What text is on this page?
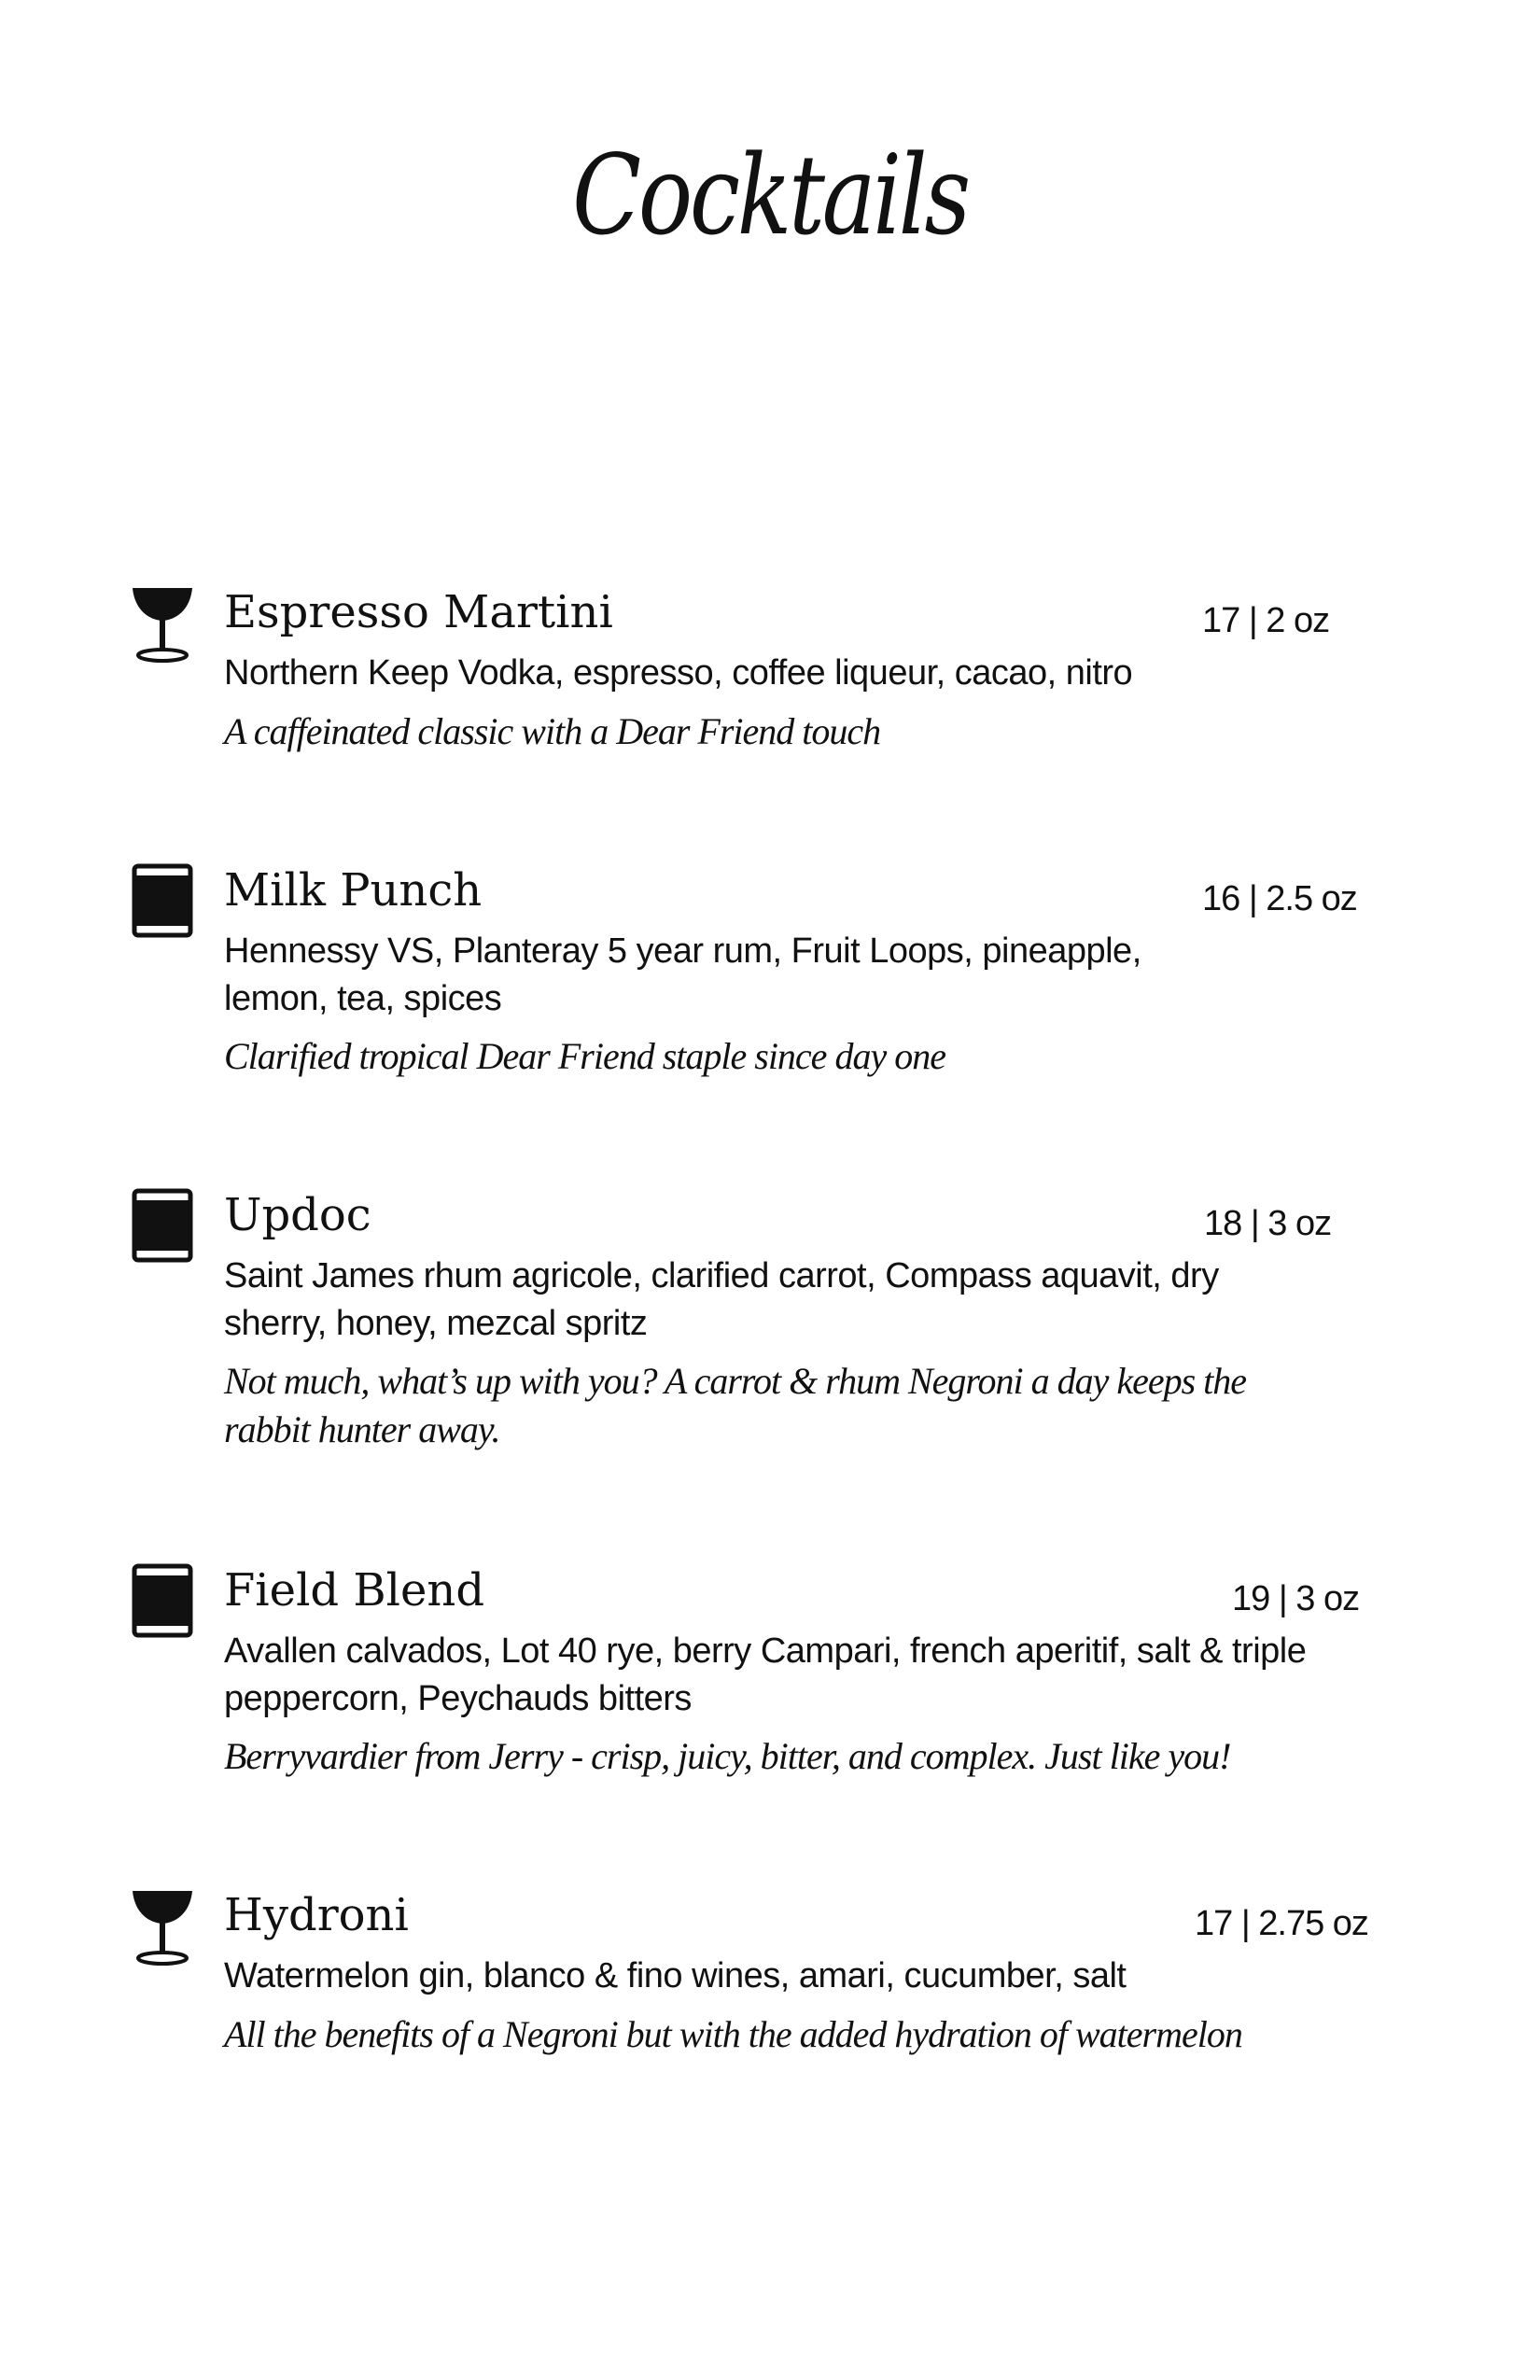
Cocktails
Espresso Martini	17 | 2 oz

Northern Keep Vodka, espresso, coffee liqueur, cacao, nitro

A caffeinated classic with a Dear Friend touch

Milk Punch	16 | 2.5 oz

Hennessy VS, Planteray 5 year rum, Fruit Loops, pineapple, lemon, tea, spices

Clarified tropical Dear Friend staple since day one

Updoc	18 | 3 oz

Saint James rhum agricole, clarified carrot, Compass aquavit, dry sherry, honey, mezcal spritz

Not much, what’s up with you? A carrot & rhum Negroni a day keeps the rabbit hunter away.

Field Blend	19 | 3 oz

Avallen calvados, Lot 40 rye, berry Campari, french aperitif, salt & triple peppercorn, Peychauds bitters

Berryvardier from Jerry - crisp, juicy, bitter, and complex. Just like you!

Hydroni	17 | 2.75 oz

Watermelon gin, blanco & fino wines, amari, cucumber, salt

All the benefits of a Negroni but with the added hydration of watermelon
